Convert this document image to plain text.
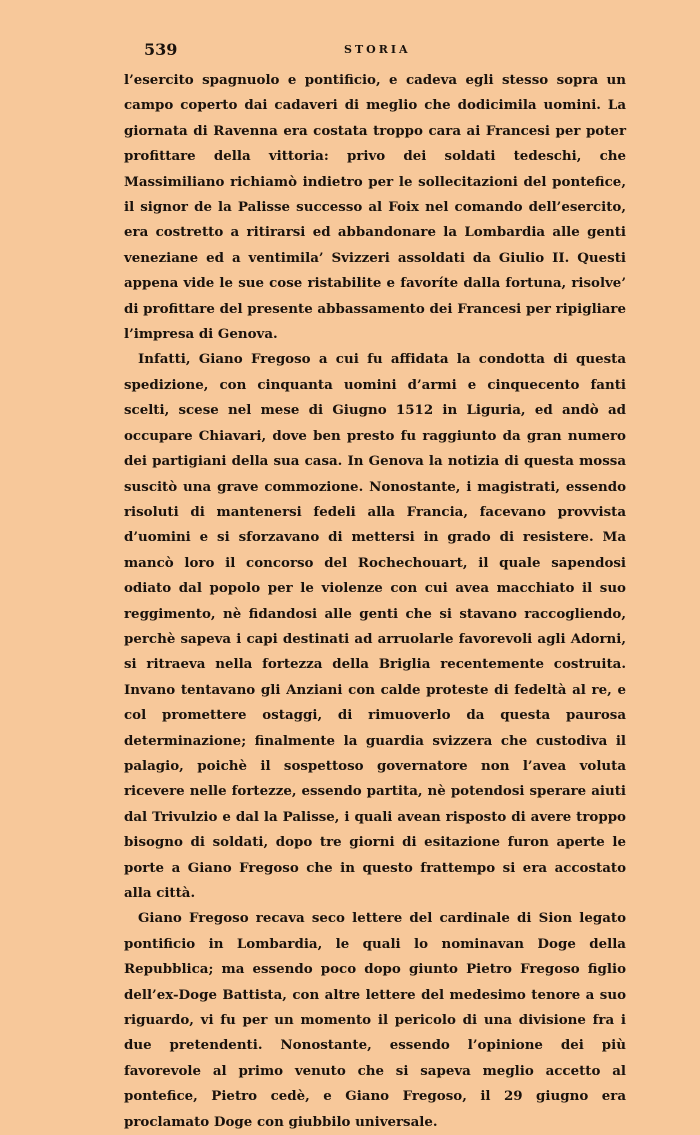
539	STORIA

l’esercito spagnuolo e pontificio, e cadeva egli stesso sopra un campo coperto dai cadaveri di meglio che dodicimila uomini. La giornata di Ravenna era costata troppo cara ai Francesi per poter profittare della vittoria: privo dei soldati tedeschi, che Massimiliano richiamò indietro per le sollecitazioni del pontefice, il signor de la Palisse successo al Foix nel comando dell’esercito, era costretto a ritirarsi ed abbandonare la Lombardia alle genti veneziane ed a ventimila’ Svizzeri assoldati da Giulio II. Questi appena vide le sue cose ristabilite e favoríte dalla fortuna, risolve’ di profittare del presente abbassamento dei Francesi per ripigliare l’impresa di Genova.

Infatti, Giano Fregoso a cui fu affidata la condotta di questa spedizione, con cinquanta uomini d’armi e cinquecento fanti scelti, scese nel mese di Giugno 1512 in Liguria, ed andò ad occupare Chiavari, dove ben presto fu raggiunto da gran numero dei partigiani della sua casa. In Genova la notizia di questa mossa suscitò una grave commozione. Nonostante, i magistrati, essendo risoluti di mantenersi fedeli alla Francia, facevano provvista d’uomini e si sforzavano di mettersi in grado di resistere. Ma mancò loro il concorso del Rochechouart, il quale sapendosi odiato dal popolo per le violenze con cui avea macchiato il suo reggimento, nè fidandosi alle genti che si stavano raccogliendo, perchè sapeva i capi destinati ad arruolarle favorevoli agli Adorni, si ritraeva nella fortezza della Briglia recentemente costruita. Invano tentavano gli Anziani con calde proteste di fedeltà al re, e col promettere ostaggi, di rimuoverlo da questa paurosa determinazione; finalmente la guardia svizzera che custodiva il palagio, poichè il sospettoso governatore non l’avea voluta ricevere nelle fortezze, essendo partita, nè potendosi sperare aiuti dal Trivulzio e dal la Palisse, i quali avean risposto di avere troppo bisogno di soldati, dopo tre giorni di esitazione furon aperte le porte a Giano Fregoso che in questo frattempo si era accostato alla città.

Giano Fregoso recava seco lettere del cardinale di Sion legato pontificio in Lombardia, le quali lo nominavan Doge della Repubblica; ma essendo poco dopo giunto Pietro Fregoso figlio dell’ex-Doge Battista, con altre lettere del medesimo tenore a suo riguardo, vi fu per un momento il pericolo di una divisione fra i due pretendenti. Nonostante, essendo l’opinione dei più favorevole al primo venuto che si sapeva meglio accetto al pontefice, Pietro cedè, e Giano Fregoso, il 29 giugno era proclamato Doge con giubbilo universale.
